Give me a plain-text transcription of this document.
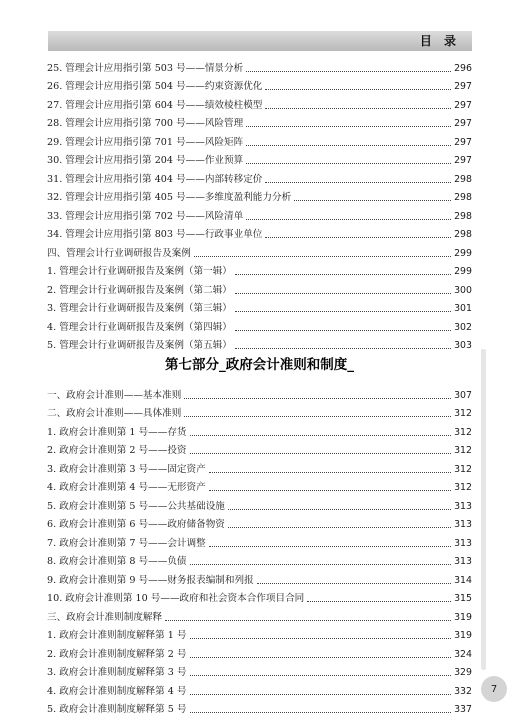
目 录
25. 管理会计应用指引第 503 号——情景分析	296
26. 管理会计应用指引第 504 号——约束资源优化	297
27. 管理会计应用指引第 604 号——绩效棱柱模型	297
28. 管理会计应用指引第 700 号——风险管理	297
29. 管理会计应用指引第 701 号——风险矩阵	297
30. 管理会计应用指引第 204 号——作业预算	297
31. 管理会计应用指引第 404 号——内部转移定价	298
32. 管理会计应用指引第 405 号——多维度盈利能力分析	298
33. 管理会计应用指引第 702 号——风险清单	298
34. 管理会计应用指引第 803 号——行政事业单位	298
四、管理会计行业调研报告及案例	299
1. 管理会计行业调研报告及案例（第一辑）	299
2. 管理会计行业调研报告及案例（第二辑）	300
3. 管理会计行业调研报告及案例（第三辑）	301
4. 管理会计行业调研报告及案例（第四辑）	302
5. 管理会计行业调研报告及案例（第五辑）	303
第七部分_政府会计准则和制度_
一、政府会计准则——基本准则	307
二、政府会计准则——具体准则	312
1. 政府会计准则第 1 号——存货	312
2. 政府会计准则第 2 号——投资	312
3. 政府会计准则第 3 号——固定资产	312
4. 政府会计准则第 4 号——无形资产	312
5. 政府会计准则第 5 号——公共基础设施	313
6. 政府会计准则第 6 号——政府储备物资	313
7. 政府会计准则第 7 号——会计调整	313
8. 政府会计准则第 8 号——负债	313
9. 政府会计准则第 9 号——财务报表编制和列报	314
10. 政府会计准则第 10 号——政府和社会资本合作项目合同	315
三、政府会计准则制度解释	319
1. 政府会计准则制度解释第 1 号	319
2. 政府会计准则制度解释第 2 号	324
3. 政府会计准则制度解释第 3 号	329
4. 政府会计准则制度解释第 4 号	332
5. 政府会计准则制度解释第 5 号	337
7
